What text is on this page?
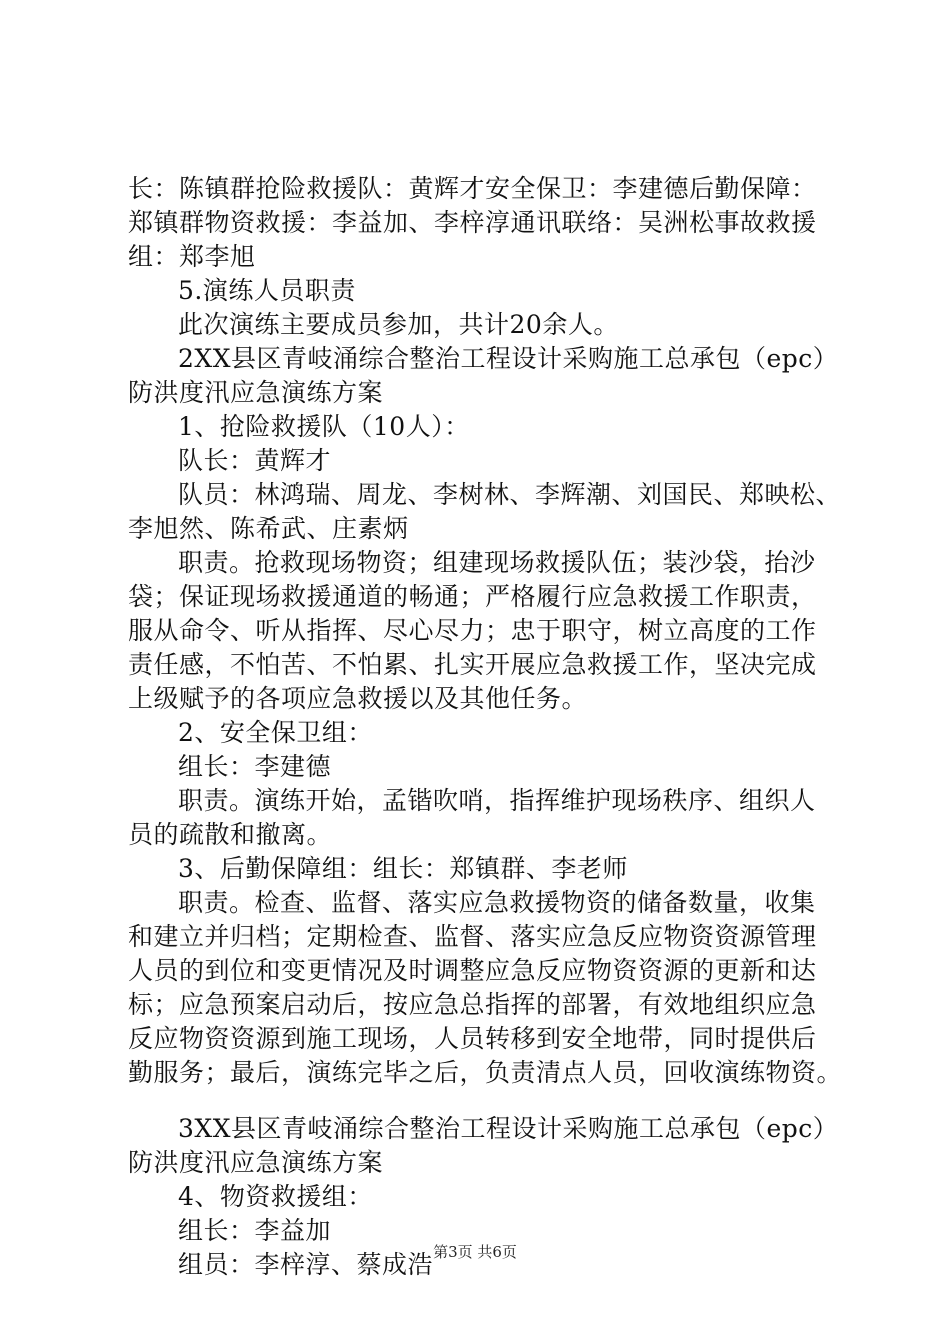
长：陈镇群抢险救援队：黄辉才安全保卫：李建德后勤保障：

郑镇群物资救援：李益加、李梓淳通讯联络：吴洲松事故救援

组：郑李旭

5.演练人员职责

此次演练主要成员参加，共计20余人。

2XX县区青岐涌综合整治工程设计采购施工总承包（epc）

防洪度汛应急演练方案

1、抢险救援队（10人）：

队长：黄辉才

队员：林鸿瑞、周龙、李树林、李辉潮、刘国民、郑映松、

李旭然、陈希武、庄素炳

职责。抢救现场物资；组建现场救援队伍；装沙袋，抬沙

袋；保证现场救援通道的畅通；严格履行应急救援工作职责，

服从命令、听从指挥、尽心尽力；忠于职守，树立高度的工作

责任感，不怕苦、不怕累、扎实开展应急救援工作，坚决完成

上级赋予的各项应急救援以及其他任务。

2、安全保卫组：

组长：李建德

职责。演练开始，孟锴吹哨，指挥维护现场秩序、组织人

员的疏散和撤离。

3、后勤保障组：组长：郑镇群、李老师

职责。检查、监督、落实应急救援物资的储备数量，收集

和建立并归档；定期检查、监督、落实应急反应物资资源管理

人员的到位和变更情况及时调整应急反应物资资源的更新和达

标；应急预案启动后，按应急总指挥的部署，有效地组织应急

反应物资资源到施工现场，人员转移到安全地带，同时提供后

勤服务；最后，演练完毕之后，负责清点人员，回收演练物资。

3XX县区青岐涌综合整治工程设计采购施工总承包（epc）

防洪度汛应急演练方案

4、物资救援组：

组长：李益加

组员：李梓淳、蔡成浩 第3页 共6页
